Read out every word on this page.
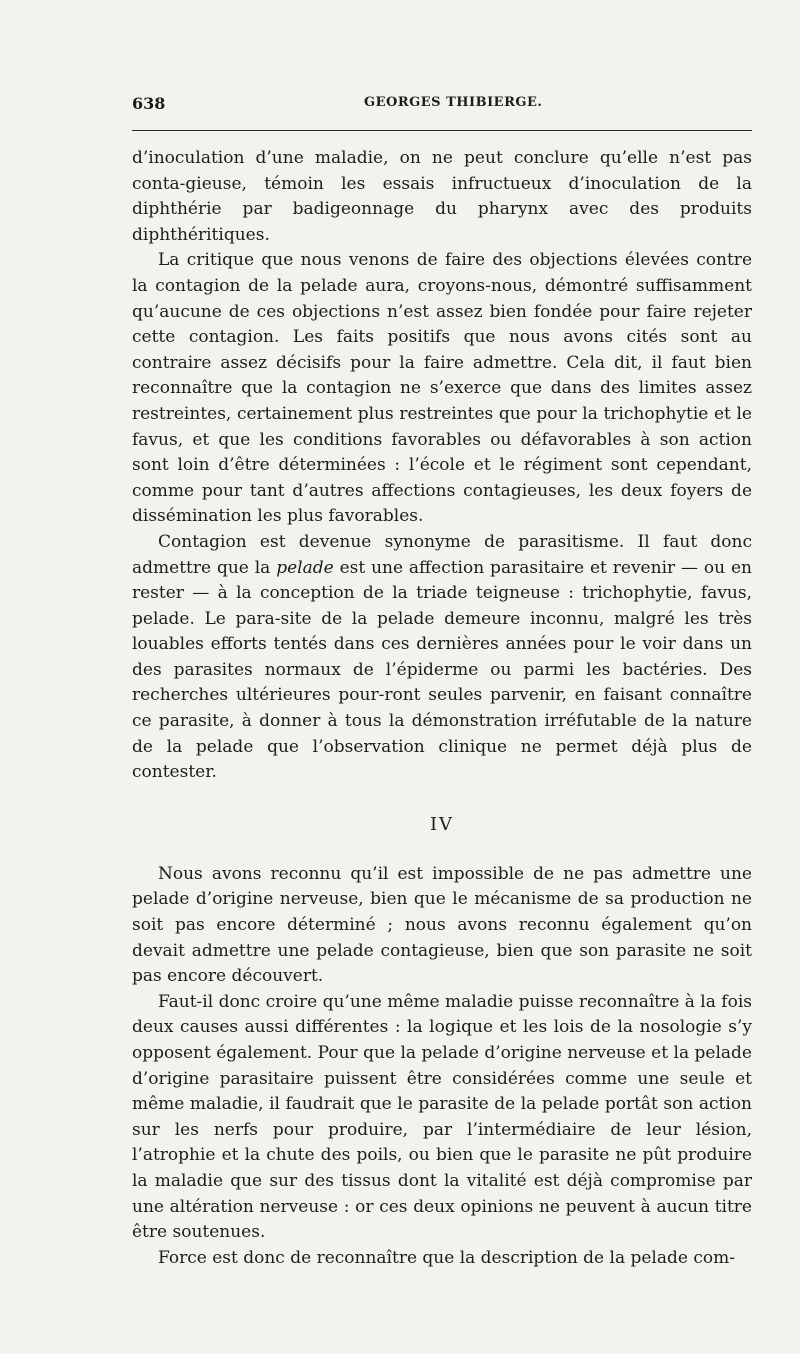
638	GEORGES THIBIERGE.

d’inoculation d’une maladie, on ne peut conclure qu’elle n’est pas conta-gieuse, témoin les essais infructueux d’inoculation de la diphthérie par badigeonnage du pharynx avec des produits diphthéritiques.

La critique que nous venons de faire des objections élevées contre la contagion de la pelade aura, croyons-nous, démontré suffisamment qu’aucune de ces objections n’est assez bien fondée pour faire rejeter cette contagion. Les faits positifs que nous avons cités sont au contraire assez décisifs pour la faire admettre. Cela dit, il faut bien reconnaître que la contagion ne s’exerce que dans des limites assez restreintes, certainement plus restreintes que pour la trichophytie et le favus, et que les conditions favorables ou défavorables à son action sont loin d’être déterminées : l’école et le régiment sont cependant, comme pour tant d’autres affections contagieuses, les deux foyers de dissémination les plus favorables.

Contagion est devenue synonyme de parasitisme. Il faut donc admettre que la pelade est une affection parasitaire et revenir — ou en rester — à la conception de la triade teigneuse : trichophytie, favus, pelade. Le para-site de la pelade demeure inconnu, malgré les très louables efforts tentés dans ces dernières années pour le voir dans un des parasites normaux de l’épiderme ou parmi les bactéries. Des recherches ultérieures pour-ront seules parvenir, en faisant connaître ce parasite, à donner à tous la démonstration irréfutable de la nature de la pelade que l’observation clinique ne permet déjà plus de contester.

IV

Nous avons reconnu qu’il est impossible de ne pas admettre une pelade d’origine nerveuse, bien que le mécanisme de sa production ne soit pas encore déterminé ; nous avons reconnu également qu’on devait admettre une pelade contagieuse, bien que son parasite ne soit pas encore découvert.

Faut-il donc croire qu’une même maladie puisse reconnaître à la fois deux causes aussi différentes : la logique et les lois de la nosologie s’y opposent également. Pour que la pelade d’origine nerveuse et la pelade d’origine parasitaire puissent être considérées comme une seule et même maladie, il faudrait que le parasite de la pelade portât son action sur les nerfs pour produire, par l’intermédiaire de leur lésion, l’atrophie et la chute des poils, ou bien que le parasite ne pût produire la maladie que sur des tissus dont la vitalité est déjà compromise par une altération nerveuse : or ces deux opinions ne peuvent à aucun titre être soutenues.

Force est donc de reconnaître que la description de la pelade com-
